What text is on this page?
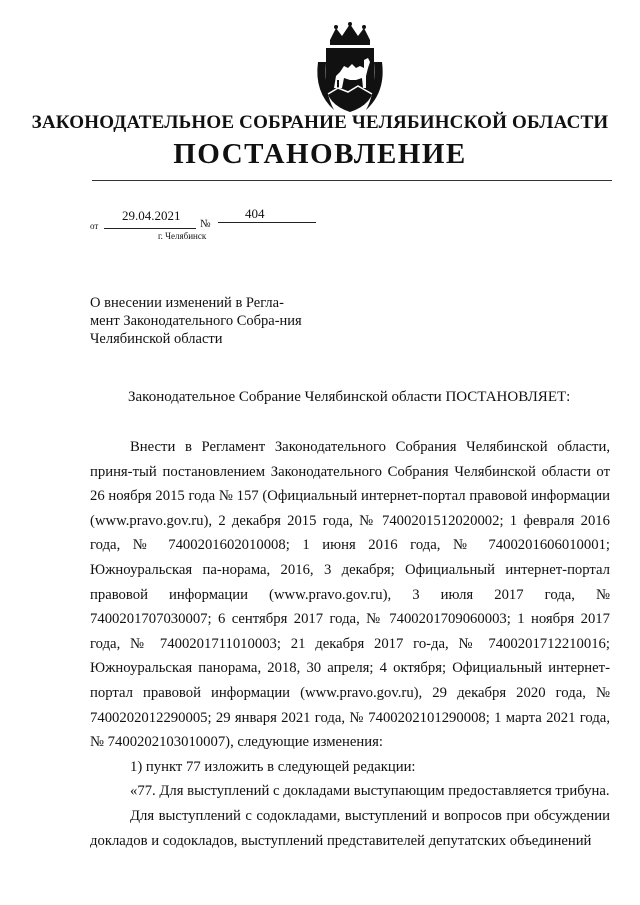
ЗАКОНОДАТЕЛЬНОЕ СОБРАНИЕ ЧЕЛЯБИНСКОЙ ОБЛАСТИ
ПОСТАНОВЛЕНИЕ
от
29.04.2021
№
404
г. Челябинск
О внесении изменений в Регла-мент Законодательного Собра-ния Челябинской области
Законодательное Собрание Челябинской области ПОСТАНОВЛЯЕТ:

Внести в Регламент Законодательного Собрания Челябинской области, приня-тый постановлением Законодательного Собрания Челябинской области от 26 ноября 2015 года № 157 (Официальный интернет-портал правовой информации (www.pravo.gov.ru), 2 декабря 2015 года, № 7400201512020002; 1 февраля 2016 года, № 7400201602010008; 1 июня 2016 года, № 7400201606010001; Южноуральская па-норама, 2016, 3 декабря; Официальный интернет-портал правовой информации (www.pravo.gov.ru), 3 июля 2017 года, № 7400201707030007; 6 сентября 2017 года, № 7400201709060003; 1 ноября 2017 года, № 7400201711010003; 21 декабря 2017 го-да, № 7400201712210016; Южноуральская панорама, 2018, 30 апреля; 4 октября; Официальный интернет-портал правовой информации (www.pravo.gov.ru), 29 декабря 2020 года, № 7400202012290005; 29 января 2021 года, № 7400202101290008; 1 марта 2021 года, № 7400202103010007), следующие изменения:

1) пункт 77 изложить в следующей редакции:

«77. Для выступлений с докладами выступающим предоставляется трибуна.

Для выступлений с содокладами, выступлений и вопросов при обсуждении докладов и содокладов, выступлений представителей депутатских объединений
